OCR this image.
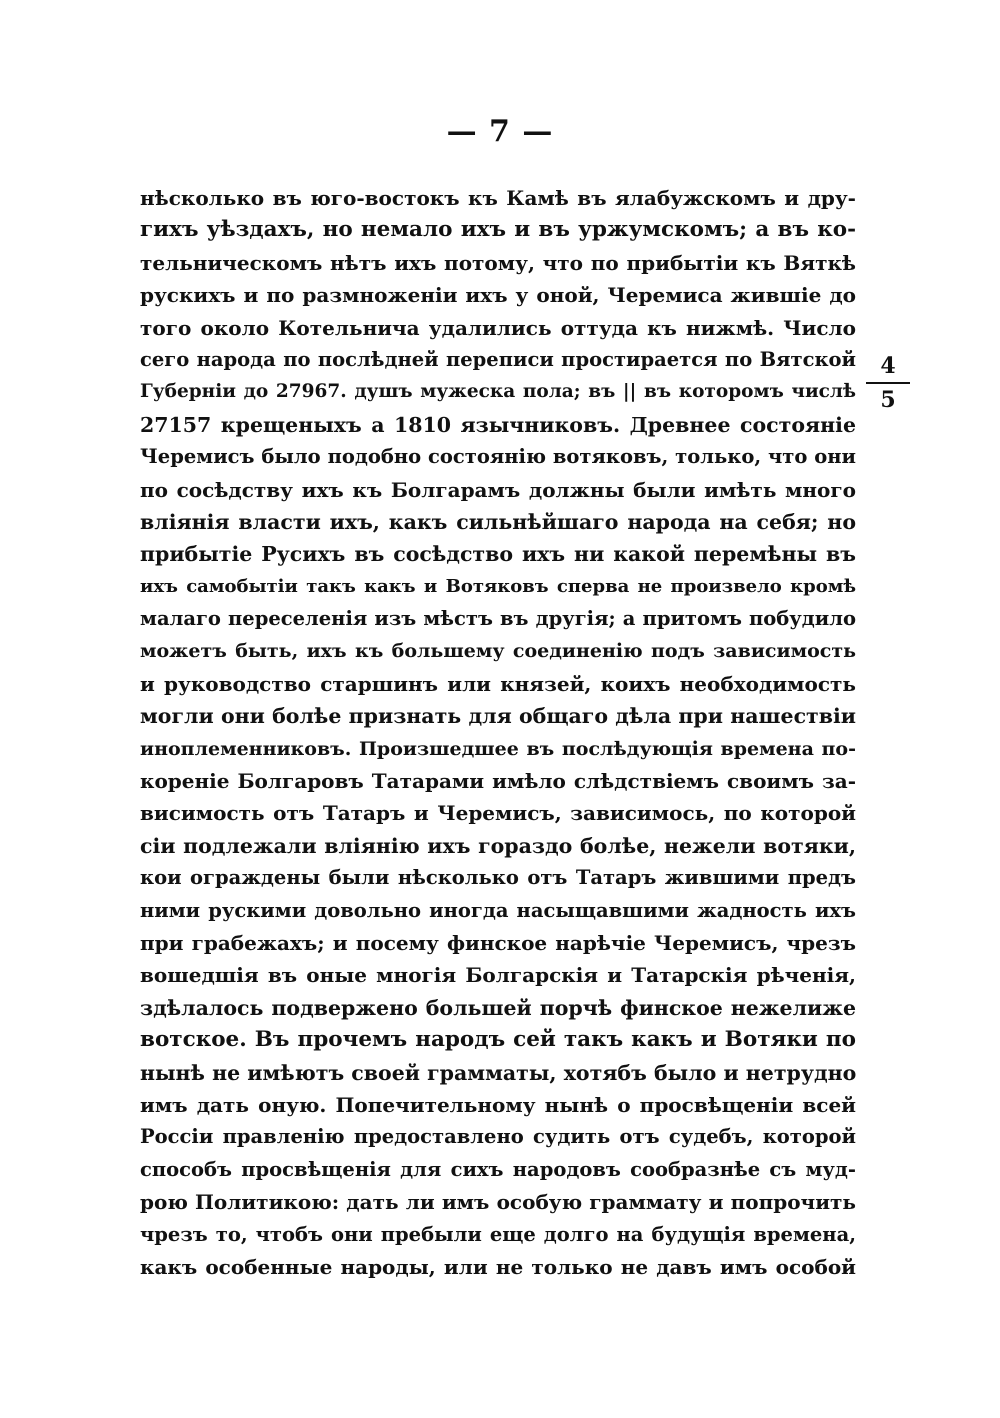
— 7 —
нѣсколько въ юго-востокъ къ Камѣ въ ялабужскомъ и дру-
гихъ уѣздахъ, но немало ихъ и въ уржумскомъ; а въ ко-
тельническомъ нѣтъ ихъ потому, что по прибытіи къ Вяткѣ
рускихъ и по размноженіи ихъ у оной, Черемиса жившіе до
того около Котельнича удалились оттуда къ нижмѣ. Число
сего народа по послѣдней переписи простирается по Вятской
Губерніи до 27967. душъ мужеска пола; въ || въ которомъ числѣ
27157 крещеныхъ а 1810 язычниковъ. Древнее состояніе
Черемисъ было подобно состоянію вотяковъ, только, что они
по сосѣдству ихъ къ Болгарамъ должны были имѣть много
вліянія власти ихъ, какъ сильнѣйшаго народа на себя; но
прибытіе Русихъ въ сосѣдство ихъ ни какой перемѣны въ
ихъ самобытіи такъ какъ и Вотяковъ сперва не произвело кромѣ
малаго переселенія изъ мѣстъ въ другія; а притомъ побудило
можетъ быть, ихъ къ большему соединенію подъ зависимость
и руководство старшинъ или князей, коихъ необходимость
могли они болѣе признать для общаго дѣла при нашествіи
иноплеменниковъ. Произшедшее въ послѣдующія времена по-
кореніе Болгаровъ Татарами имѣло слѣдствіемъ своимъ за-
висимость отъ Татаръ и Черемисъ, зависимось, по которой
сіи подлежали вліянію ихъ гораздо болѣе, нежели вотяки,
кои ограждены были нѣсколько отъ Татаръ жившими предъ
ними рускими довольно иногда насыщавшими жадность ихъ
при грабежахъ; и посему финское нарѣчіе Черемисъ, чрезъ
вошедшія въ оные многія Болгарскія и Татарскія рѣченія,
здѣлалось подвержено большей порчѣ финское нежелиже
вотское. Въ прочемъ народъ сей такъ какъ и Вотяки по
нынѣ не имѣютъ своей грамматы, хотябъ было и нетрудно
имъ дать оную. Попечительному нынѣ о просвѣщеніи всей
Россіи правленію предоставлено судить отъ судебъ, которой
способъ просвѣщенія для сихъ народовъ сообразнѣе съ муд-
рою Политикою: дать ли имъ особую граммату и попрочить
чрезъ то, чтобъ они пребыли еще долго на будущія времена,
какъ особенные народы, или не только не давъ имъ особой
4
5
